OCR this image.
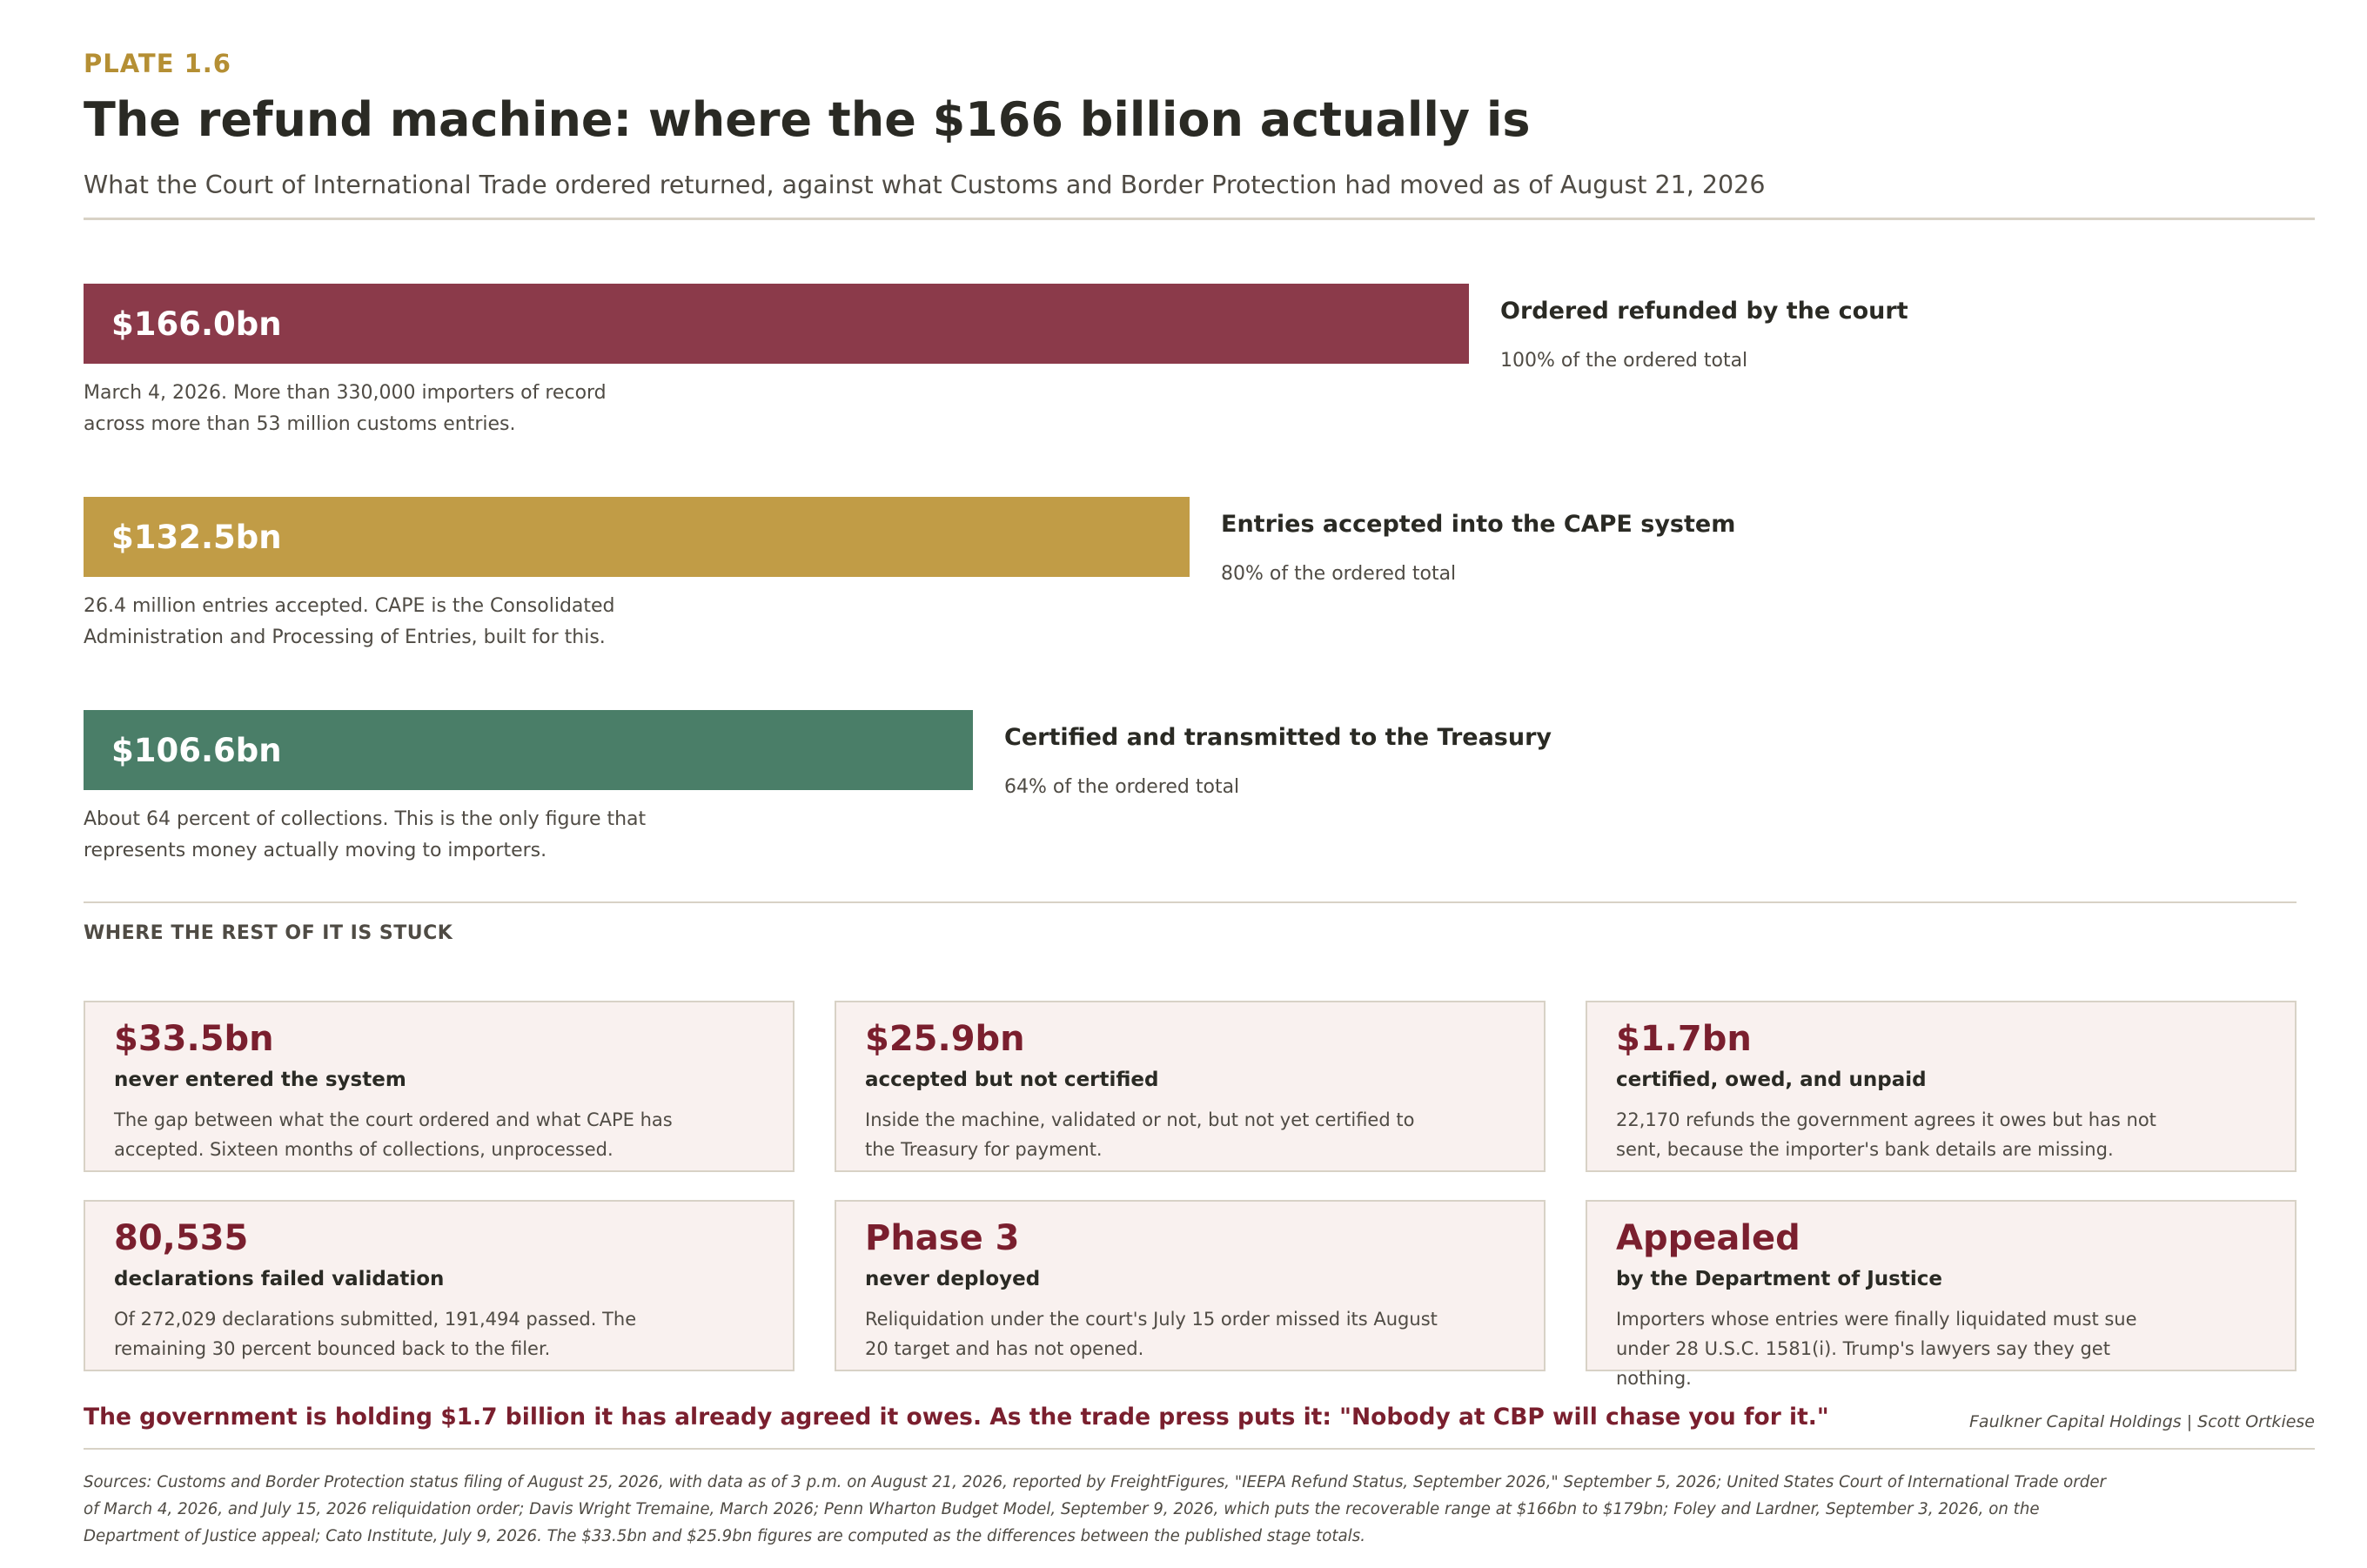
PLATE 1.6
The refund machine: where the $166 billion actually is
What the Court of International Trade ordered returned, against what Customs and Border Protection had moved as of August 21, 2026
$166.0bn	Ordered refunded by the court
100% of the ordered total
March 4, 2026. More than 330,000 importers of record across more than 53 million customs entries.
$132.5bn	Entries accepted into the CAPE system
80% of the ordered total
26.4 million entries accepted. CAPE is the Consolidated Administration and Processing of Entries, built for this.
$106.6bn	Certified and transmitted to the Treasury
64% of the ordered total
About 64 percent of collections. This is the only figure that represents money actually moving to importers.
WHERE THE REST OF IT IS STUCK
$33.5bn
never entered the system
The gap between what the court ordered and what CAPE has accepted. Sixteen months of collections, unprocessed.
$25.9bn
accepted but not certified
Inside the machine, validated or not, but not yet certified to the Treasury for payment.
$1.7bn
certified, owed, and unpaid
22,170 refunds the government agrees it owes but has not sent, because the importer's bank details are missing.
80,535
declarations failed validation
Of 272,029 declarations submitted, 191,494 passed. The remaining 30 percent bounced back to the filer.
Phase 3
never deployed
Reliquidation under the court's July 15 order missed its August 20 target and has not opened.
Appealed
by the Department of Justice
Importers whose entries were finally liquidated must sue under 28 U.S.C. 1581(i). Trump's lawyers say they get nothing.
The government is holding $1.7 billion it has already agreed it owes. As the trade press puts it: "Nobody at CBP will chase you for it."	Faulkner Capital Holdings | Scott Ortkiese
Sources: Customs and Border Protection status filing of August 25, 2026, with data as of 3 p.m. on August 21, 2026, reported by FreightFigures, "IEEPA Refund Status, September 2026," September 5, 2026; United States Court of International Trade order of March 4, 2026, and July 15, 2026 reliquidation order; Davis Wright Tremaine, March 2026; Penn Wharton Budget Model, September 9, 2026, which puts the recoverable range at $166bn to $179bn; Foley and Lardner, September 3, 2026, on the Department of Justice appeal; Cato Institute, July 9, 2026. The $33.5bn and $25.9bn figures are computed as the differences between the published stage totals.
